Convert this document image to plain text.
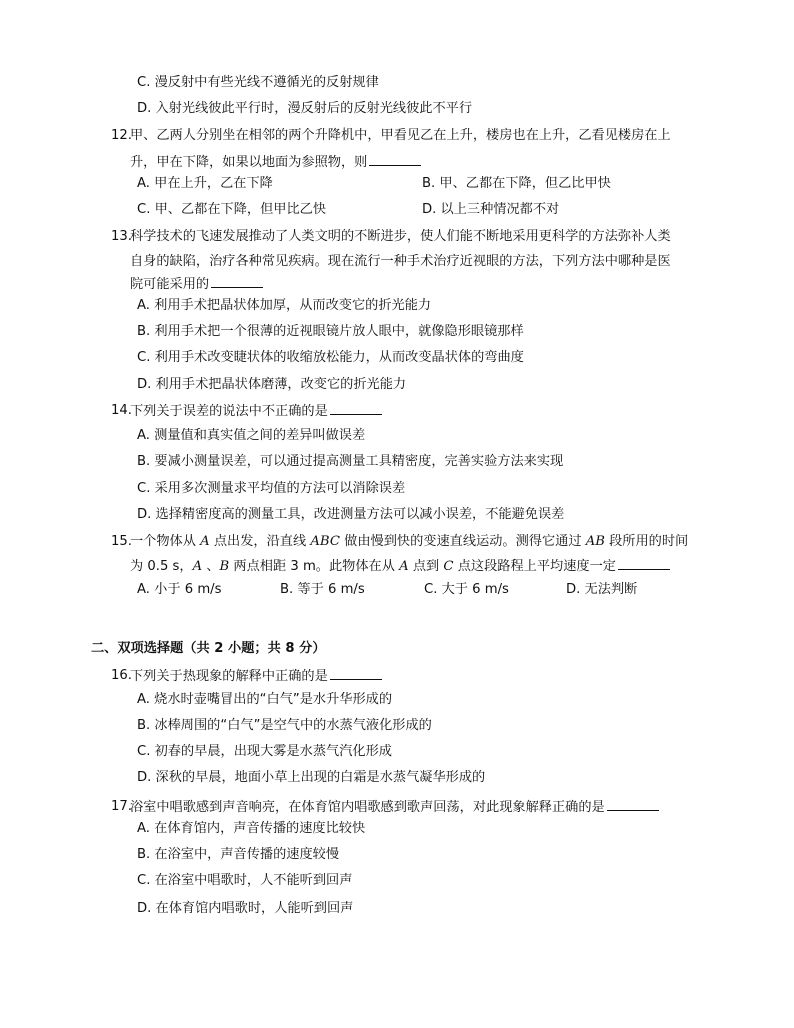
C. 漫反射中有些光线不遵循光的反射规律
D. 入射光线彼此平行时，漫反射后的反射光线彼此不平行
12.
甲、乙两人分别坐在相邻的两个升降机中，甲看见乙在上升，楼房也在上升，乙看见楼房在上
升，甲在下降，如果以地面为参照物，则
A. 甲在上升，乙在下降	B. 甲、乙都在下降，但乙比甲快
C. 甲、乙都在下降，但甲比乙快	D. 以上三种情况都不对
13.
科学技术的飞速发展推动了人类文明的不断进步，使人们能不断地采用更科学的方法弥补人类
自身的缺陷，治疗各种常见疾病。现在流行一种手术治疗近视眼的方法，下列方法中哪种是医
院可能采用的
A. 利用手术把晶状体加厚，从而改变它的折光能力
B. 利用手术把一个很薄的近视眼镜片放人眼中，就像隐形眼镜那样
C. 利用手术改变睫状体的收缩放松能力，从而改变晶状体的弯曲度
D. 利用手术把晶状体磨薄，改变它的折光能力
14.
下列关于误差的说法中不正确的是
A. 测量值和真实值之间的差异叫做误差
B. 要减小测量误差，可以通过提高测量工具精密度，完善实验方法来实现
C. 采用多次测量求平均值的方法可以消除误差
D. 选择精密度高的测量工具，改进测量方法可以减小误差，不能避免误差
15.
一个物体从 A 点出发，沿直线 ABC 做由慢到快的变速直线运动。测得它通过 AB 段所用的时间
为 0.5 s，A 、B 两点相距 3 m。此物体在从 A 点到 C 点这段路程上平均速度一定
A. 小于 6 m/s	B. 等于 6 m/s	C. 大于 6 m/s	D. 无法判断
二、双项选择题（共 2 小题；共 8 分）
16.
下列关于热现象的解释中正确的是
A. 烧水时壶嘴冒出的“白气”是水升华形成的
B. 冰棒周围的“白气”是空气中的水蒸气液化形成的
C. 初春的早晨，出现大雾是水蒸气汽化形成
D. 深秋的早晨，地面小草上出现的白霜是水蒸气凝华形成的
17.
浴室中唱歌感到声音响亮，在体育馆内唱歌感到歌声回荡，对此现象解释正确的是
A. 在体育馆内，声音传播的速度比较快
B. 在浴室中，声音传播的速度较慢
C. 在浴室中唱歌时，人不能听到回声
D. 在体育馆内唱歌时，人能听到回声
